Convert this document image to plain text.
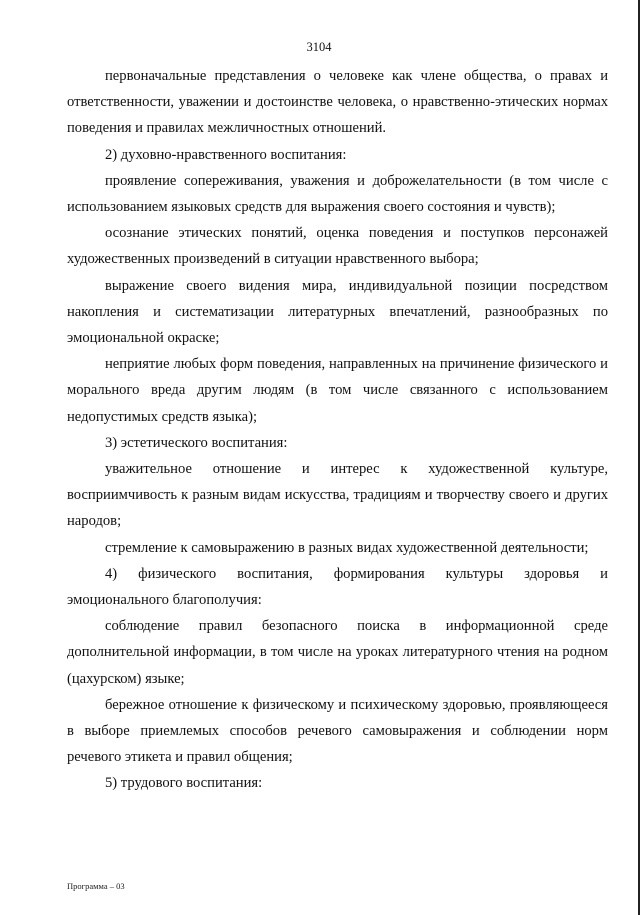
3104

первоначальные представления о человеке как члене общества, о правах и ответственности, уважении и достоинстве человека, о нравственно-этических нормах поведения и правилах межличностных отношений.

2) духовно-нравственного воспитания:

проявление сопереживания, уважения и доброжелательности (в том числе с использованием языковых средств для выражения своего состояния и чувств);

осознание этических понятий, оценка поведения и поступков персонажей художественных произведений в ситуации нравственного выбора;

выражение своего видения мира, индивидуальной позиции посредством накопления и систематизации литературных впечатлений, разнообразных по эмоциональной окраске;

неприятие любых форм поведения, направленных на причинение физического и морального вреда другим людям (в том числе связанного с использованием недопустимых средств языка);

3) эстетического воспитания:

уважительное отношение и интерес к художественной культуре, восприимчивость к разным видам искусства, традициям и творчеству своего и других народов;

стремление к самовыражению в разных видах художественной деятельности;

4) физического воспитания, формирования культуры здоровья и эмоционального благополучия:

соблюдение правил безопасного поиска в информационной среде дополнительной информации, в том числе на уроках литературного чтения на родном (цахурском) языке;

бережное отношение к физическому и психическому здоровью, проявляющееся в выборе приемлемых способов речевого самовыражения и соблюдении норм речевого этикета и правил общения;

5) трудового воспитания:

Программа – 03
